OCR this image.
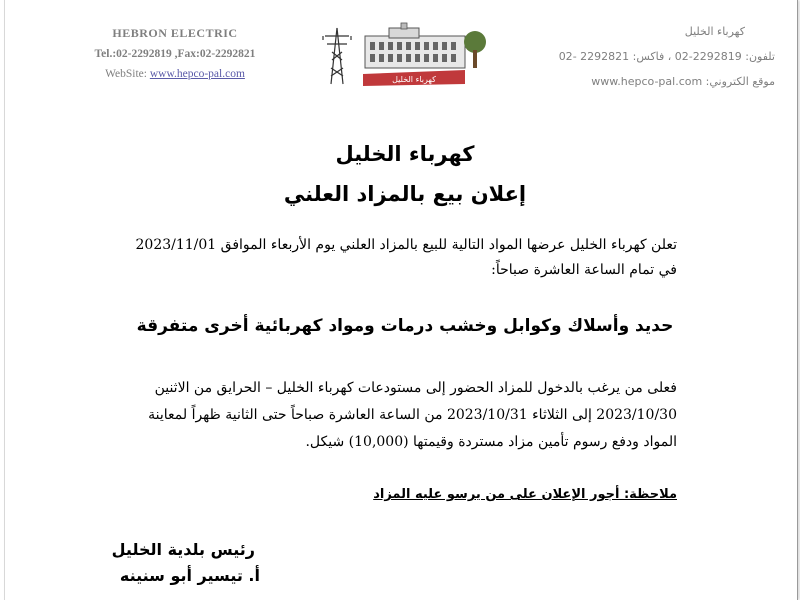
HEBRON ELECTRIC
Tel.:02-2292819 ,Fax:02-2292821
WebSite: www.hepco-pal.com	كهرباء الخليل
كهرباء الخليل
تلفون: 2292819-02 ، فاكس: 2292821 -02
موقع الكتروني: www.hepco-pal.com
كهرباء الخليل
إعلان بيع بالمزاد العلني
تعلن كهرباء الخليل عرضها المواد التالية للبيع بالمزاد العلني يوم الأربعاء الموافق 2023/11/01
في تمام الساعة العاشرة صباحاً:
حديد وأسلاك وكوابل وخشب درمات ومواد كهربائية أخرى متفرقة
فعلى من يرغب بالدخول للمزاد الحضور إلى مستودعات كهرباء الخليل – الحرايق من الاثنين
2023/10/30 إلى الثلاثاء 2023/10/31 من الساعة العاشرة صباحاً حتى الثانية ظهراً لمعاينة
المواد ودفع رسوم تأمين مزاد مستردة وقيمتها (10,000) شيكل.
ملاحظة: أجور الإعلان على من يرسو عليه المزاد
رئيس بلدية الخليل
أ. تيسير أبو سنينه
